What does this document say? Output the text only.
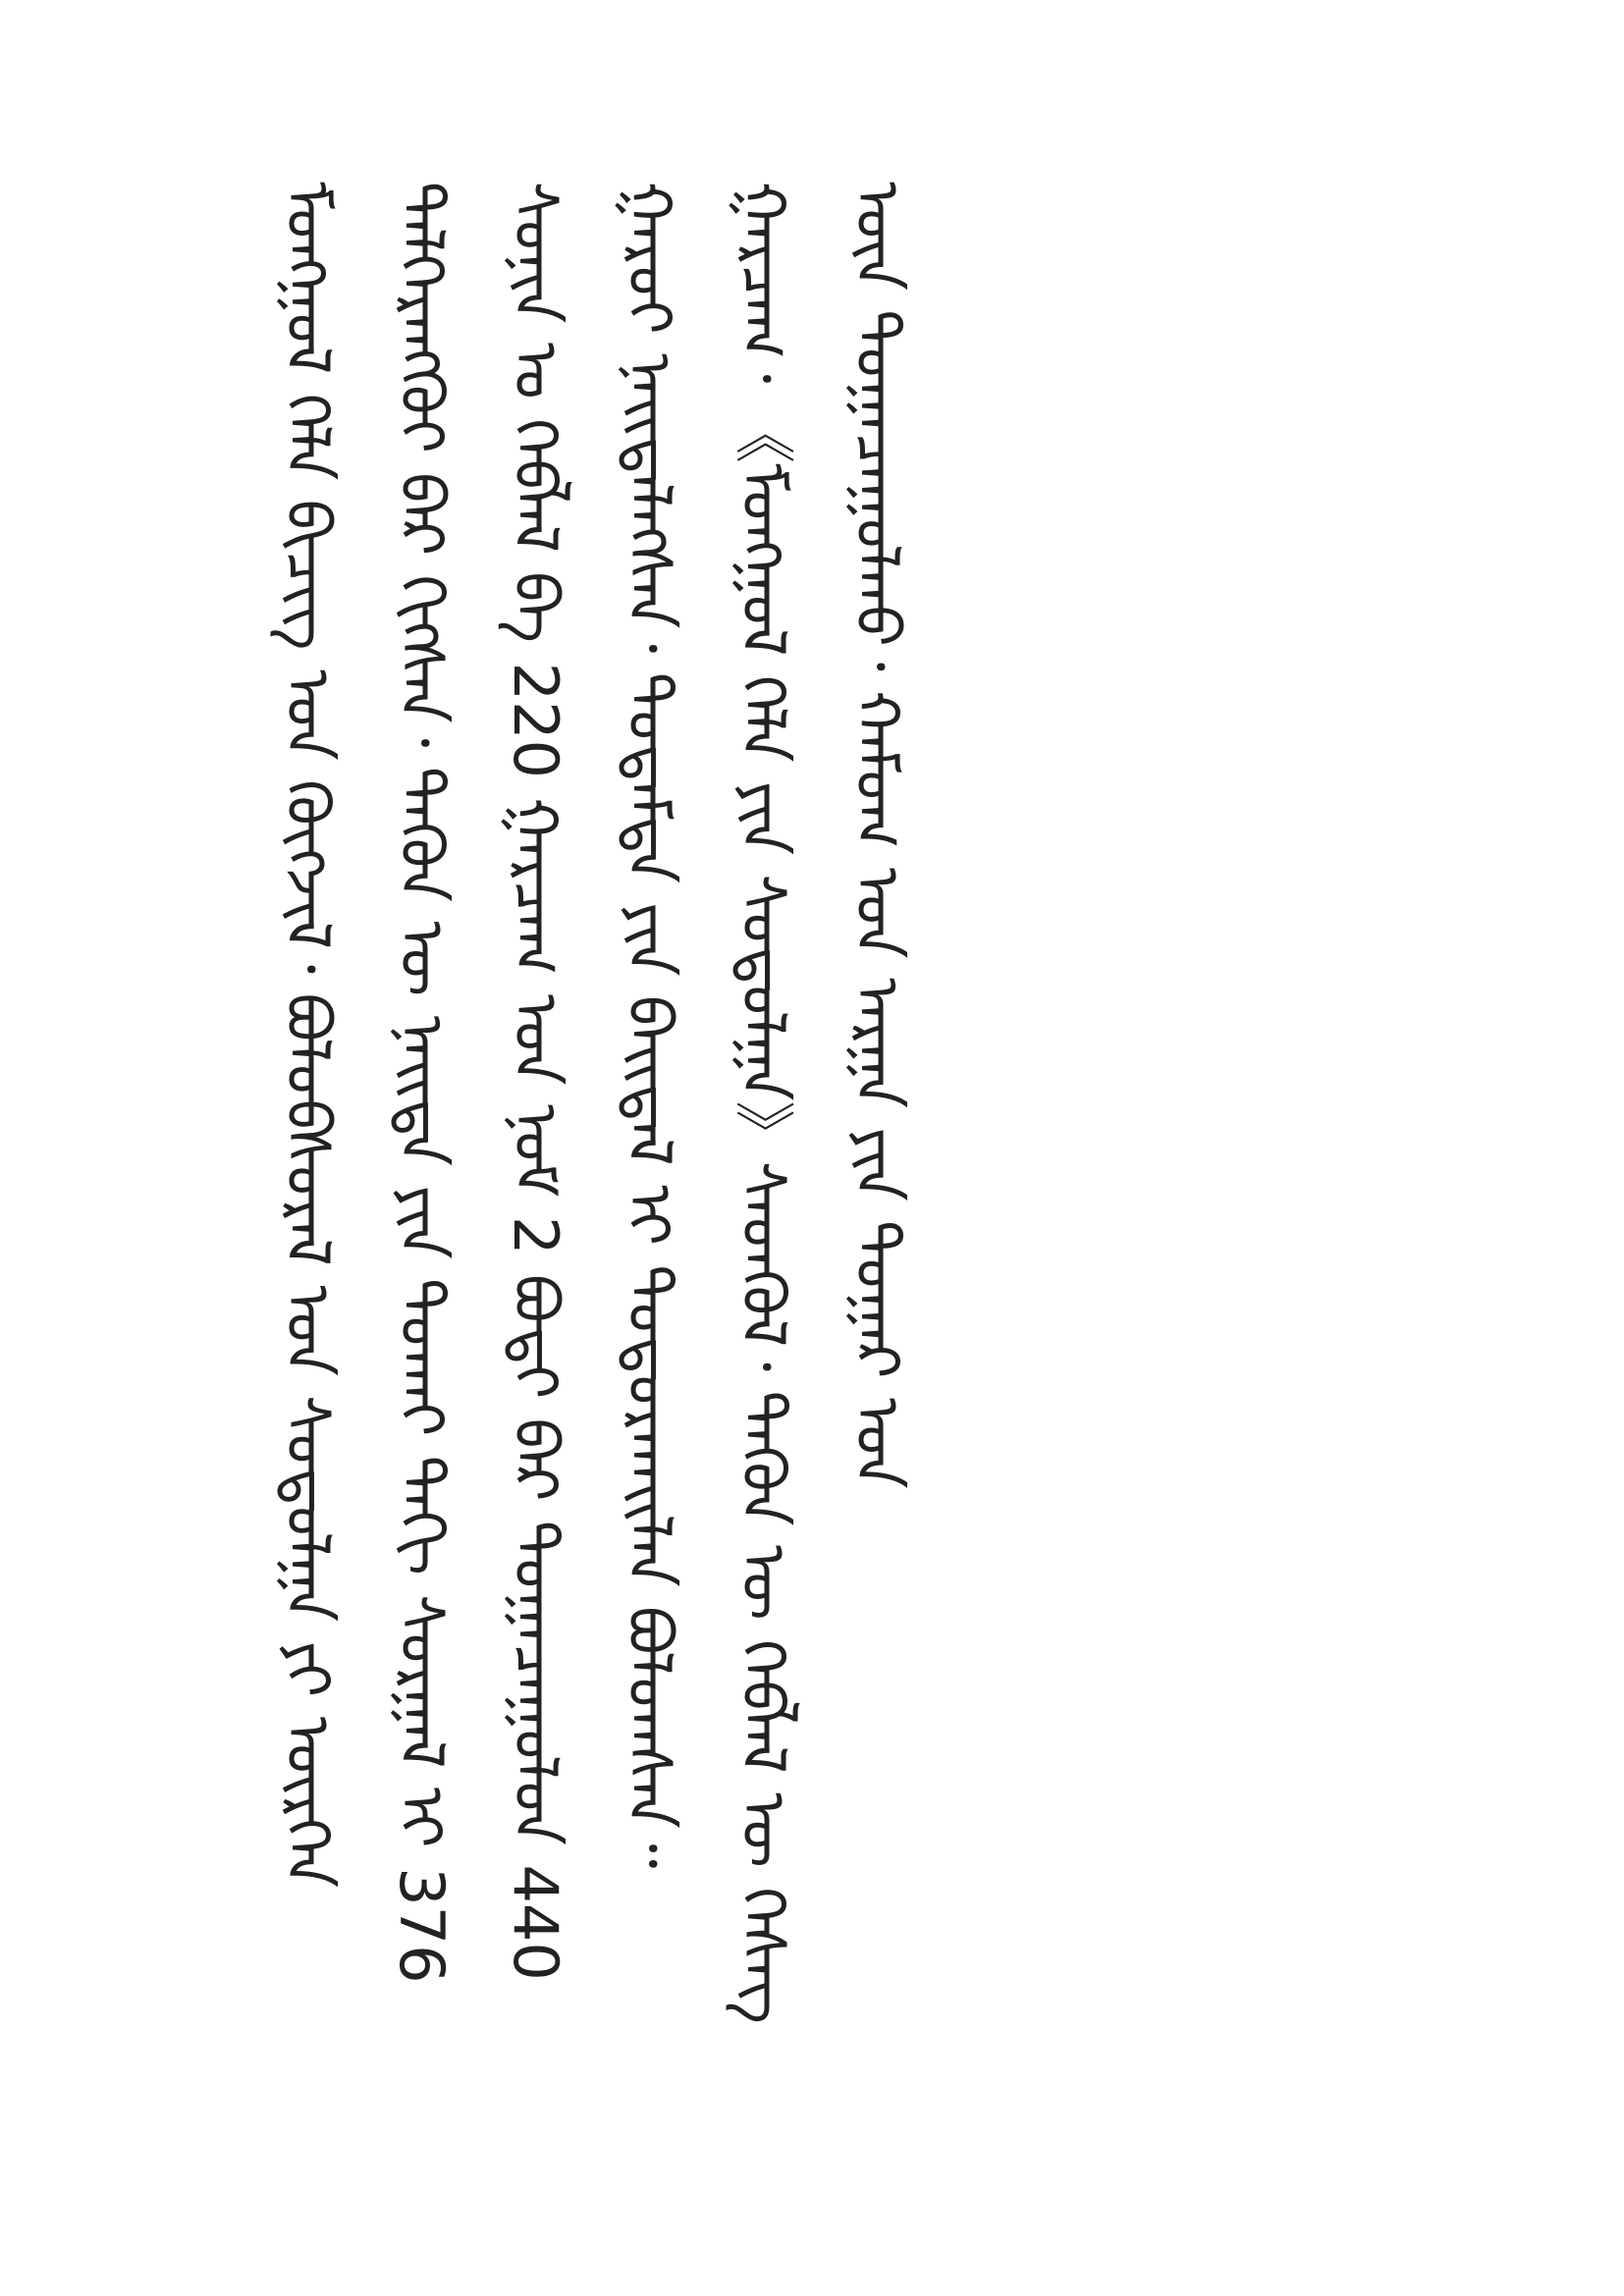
ᠮᠣᠩᠭᠣᠯ ᠬᠡᠯᠡ ᠪᠢᠴᠢᠭ ᠤᠨ ᠬᠥᠭᠵᠢᠯ᠂ ᠪᠣᠯᠣᠪᠰᠤᠷᠠᠯ ᠤᠨ ᠰᠤᠳᠤᠯᠭᠠ ᠶᠢ ᠥᠷᠭᠡᠨ ᠳᠡᠯᠭᠡᠷᠡᠩᠭᠦᠢ ᠪᠡᠷ ᠬᠢᠭᠰᠡᠨ᠂ ᠲᠡᠭᠦᠨ ᠦ ᠨᠡᠢᠲᠡ ᠶᠢᠨ ᠲᠤᠬᠠᠢ ᠳᠠᠬᠢ ᠰᠤᠷᠭᠠᠯ ᠢ 376 ᠰᠣᠨᠢᠨ ᠤ ᠬᠡᠪᠯᠡᠯ ᠪᠠ 220 ᠭᠠᠷᠴᠠᠭ ᠤᠨ ᠨᠣᠮ 2 ᠪᠣᠳᠢ ᠪᠠᠷ ᠲᠣᠭᠠᠴᠠᠭᠤᠯᠤᠨ 440 ᠭᠠᠷᠤᠢ ᠨᠡᠢᠲᠡᠯᠡᠭᠰᠡᠨ᠂ ᠳᠤᠳᠠᠮᠳᠠ ᠶᠢᠨ ᠪᠠᠢᠳᠠᠯ ᠢ ᠲᠣᠳᠣᠷᠬᠠᠢᠯᠠᠨ ᠪᠣᠯᠣᠭᠰᠠᠨ᠃ ᠭᠠᠷᠴᠠᠭ᠂ 《ᠮᠣᠩᠭᠣᠯ ᠬᠡᠯᠡ ᠶᠢᠨ ᠰᠤᠳᠤᠯᠭᠠ》ᠰᠡᠳᠬᠦᠯ᠂ ᠲᠡᠭᠦᠨ ᠦ ᠬᠡᠪᠯᠡᠯ ᠦ ᠬᠡᠰᠡᠭ ᠦᠨ ᠲᠣᠭᠠᠴᠠᠭᠤᠯᠬᠤ᠂ ᠬᠠᠮᠤᠭ ᠤᠨ ᠠᠷᠭᠠ ᠶᠢᠨ ᠳᠤᠭᠠᠷ ᠤᠨ
